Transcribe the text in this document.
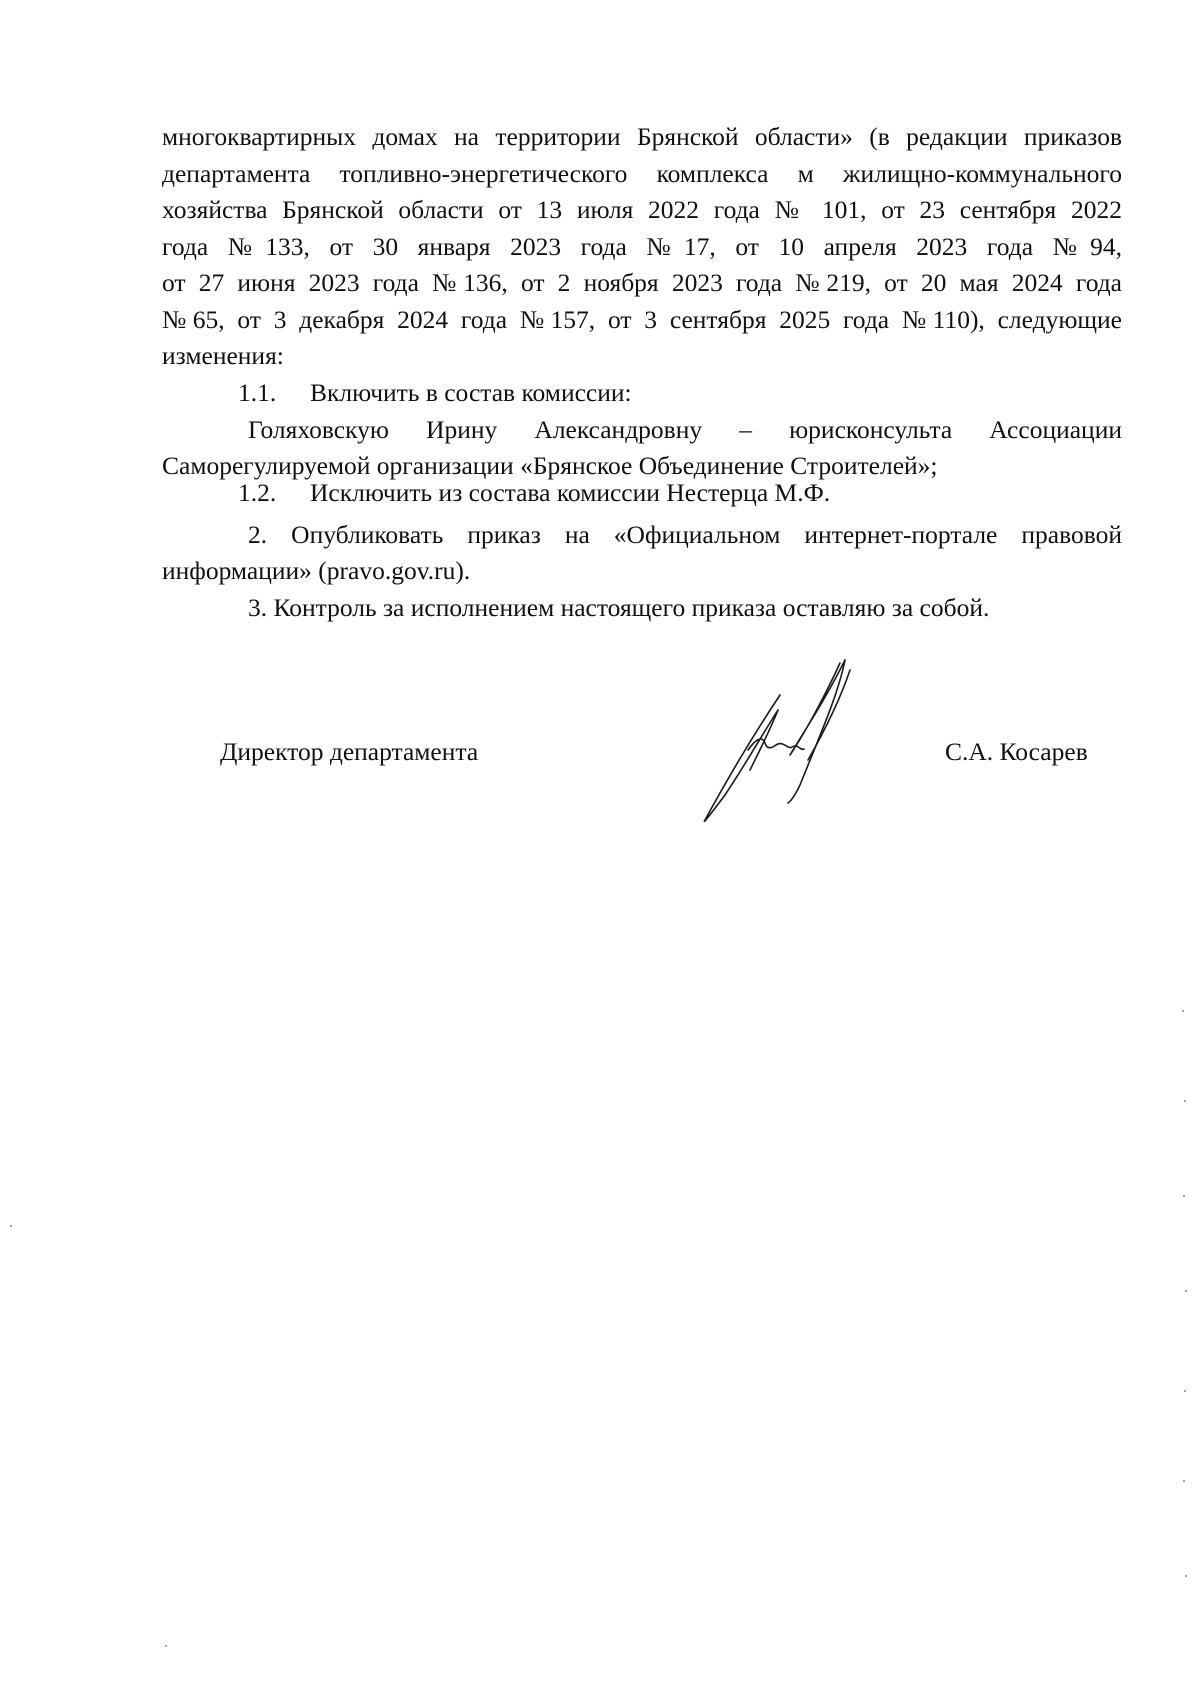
многоквартирных домах на территории Брянской области» (в редакции приказов
департамента топливно-энергетического комплекса м жилищно-коммунального
хозяйства Брянской области от 13 июля 2022 года № 101, от 23 сентября 2022
года №133, от 30 января 2023 года №17, от 10 апреля 2023 года №94,
от 27 июня 2023 года №136, от 2 ноября 2023 года №219, от 20 мая 2024 года
№65, от 3 декабря 2024 года №157, от 3 сентября 2025 года №110), следующие
изменения:
1.1. Включить в состав комиссии:
Голяховскую Ирину Александровну – юрисконсульта Ассоциации
Саморегулируемой организации «Брянское Объединение Строителей»;
1.2. Исключить из состава комиссии Нестерца М.Ф.
2. Опубликовать приказ на «Официальном интернет-портале правовой
информации» (pravo.gov.ru).
3. Контроль за исполнением настоящего приказа оставляю за собой.
Директор департамента	С.А. Косарев
